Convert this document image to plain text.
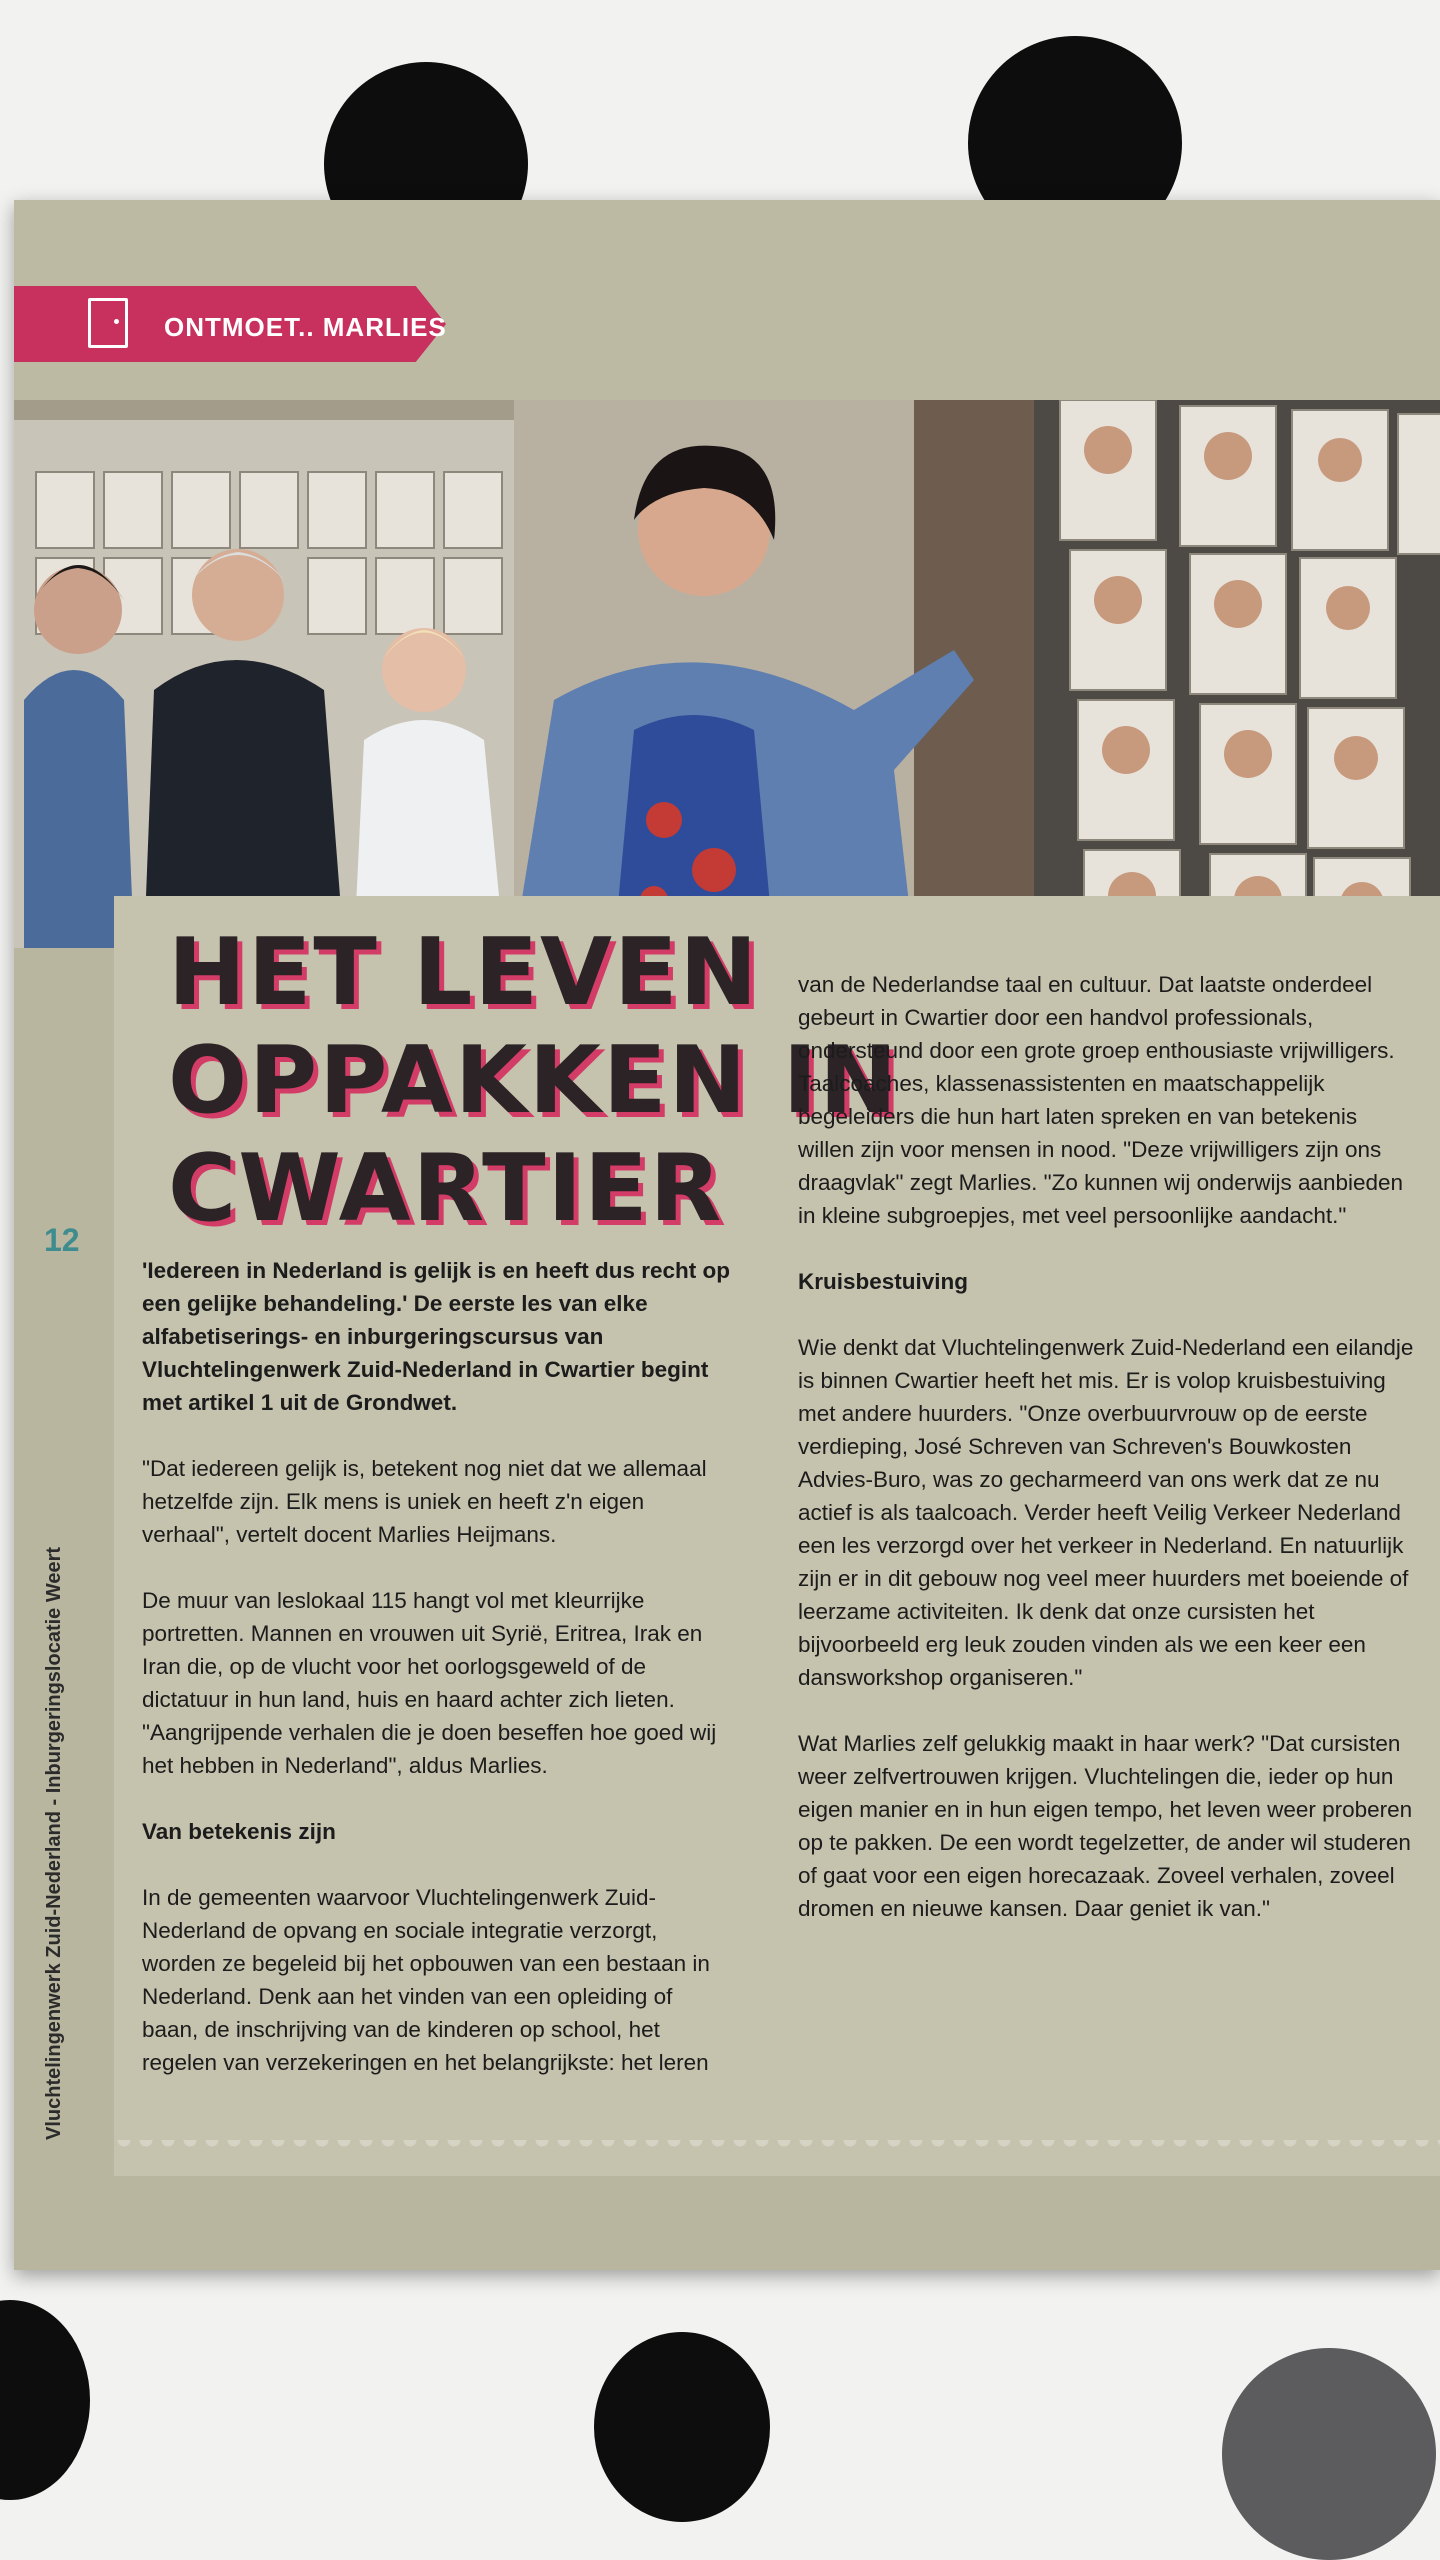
ONTMOET.. MARLIES
HET LEVEN
OPPAKKEN IN
CWARTIER
12
Vluchtelingenwerk Zuid-Nederland - Inburgeringslocatie Weert

'Iedereen in Nederland is gelijk is en heeft dus recht op een gelijke behandeling.' De eerste les van elke alfabetiserings- en inburgeringscursus van Vluchtelingenwerk Zuid-Nederland in Cwartier begint met artikel 1 uit de Grondwet.

"Dat iedereen gelijk is, betekent nog niet dat we allemaal hetzelfde zijn. Elk mens is uniek en heeft z'n eigen verhaal", vertelt docent Marlies Heijmans.

De muur van leslokaal 115 hangt vol met kleurrijke portretten. Mannen en vrouwen uit Syrië, Eritrea, Irak en Iran die, op de vlucht voor het oorlogsgeweld of de dictatuur in hun land, huis en haard achter zich lieten. "Aangrijpende verhalen die je doen beseffen hoe goed wij het hebben in Nederland", aldus Marlies.

Van betekenis zijn

In de gemeenten waarvoor Vluchtelingenwerk Zuid-Nederland de opvang en sociale integratie verzorgt, worden ze begeleid bij het opbouwen van een bestaan in Nederland. Denk aan het vinden van een opleiding of baan, de inschrijving van de kinderen op school, het regelen van verzekeringen en het belangrijkste: het leren

van de Nederlandse taal en cultuur. Dat laatste onderdeel gebeurt in Cwartier door een handvol professionals, ondersteund door een grote groep enthousiaste vrijwilligers. Taalcoaches, klassenassistenten en maatschappelijk begeleiders die hun hart laten spreken en van betekenis willen zijn voor mensen in nood. "Deze vrijwilligers zijn ons draagvlak" zegt Marlies. "Zo kunnen wij onderwijs aanbieden in kleine subgroepjes, met veel persoonlijke aandacht."

Kruisbestuiving

Wie denkt dat Vluchtelingenwerk Zuid-Nederland een eilandje is binnen Cwartier heeft het mis. Er is volop kruisbestuiving met andere huurders. "Onze overbuurvrouw op de eerste verdieping, José Schreven van Schreven's Bouwkosten Advies-Buro, was zo gecharmeerd van ons werk dat ze nu actief is als taalcoach. Verder heeft Veilig Verkeer Nederland een les verzorgd over het verkeer in Nederland. En natuurlijk zijn er in dit gebouw nog veel meer huurders met boeiende of leerzame activiteiten. Ik denk dat onze cursisten het bijvoorbeeld erg leuk zouden vinden als we een keer een dansworkshop organiseren."

Wat Marlies zelf gelukkig maakt in haar werk? "Dat cursisten weer zelfvertrouwen krijgen. Vluchtelingen die, ieder op hun eigen manier en in hun eigen tempo, het leven weer proberen op te pakken. De een wordt tegelzetter, de ander wil studeren of gaat voor een eigen horecazaak. Zoveel verhalen, zoveel dromen en nieuwe kansen. Daar geniet ik van."
